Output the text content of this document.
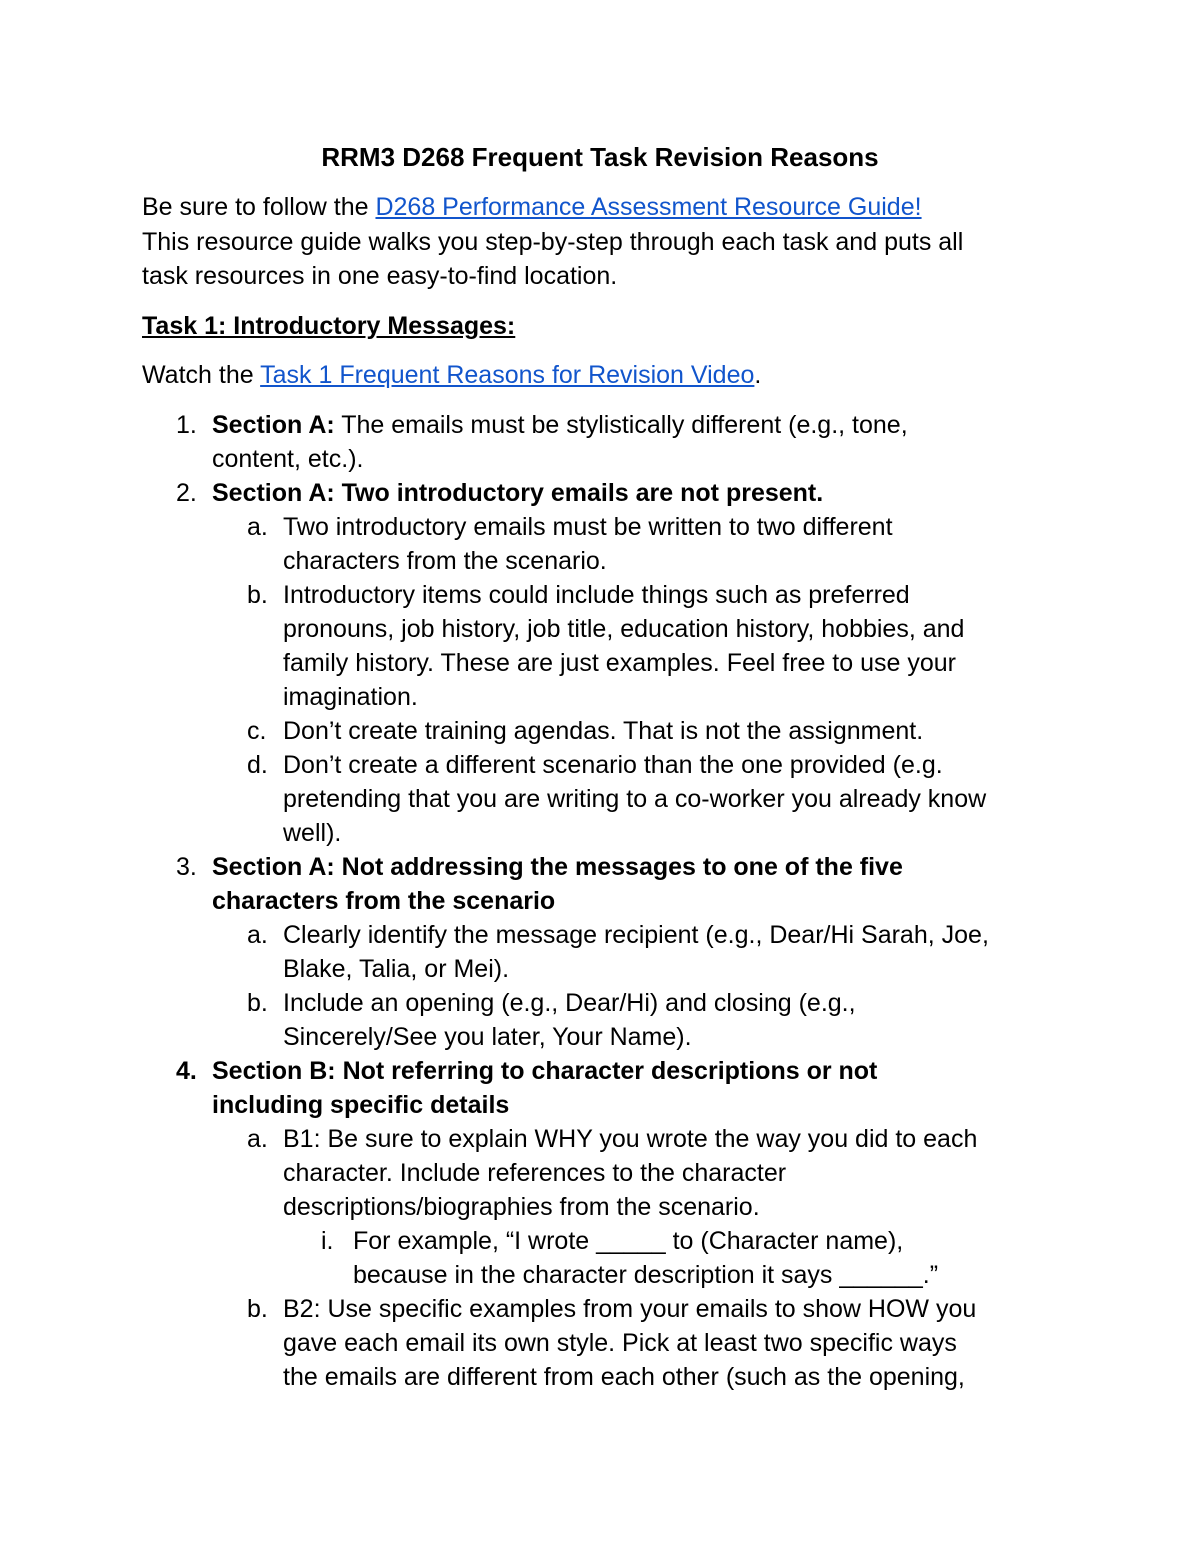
RRM3 D268 Frequent Task Revision Reasons
Be sure to follow the D268 Performance Assessment Resource Guide!
This resource guide walks you step-by-step through each task and puts all
task resources in one easy-to-find location.
Task 1: Introductory Messages:
Watch the Task 1 Frequent Reasons for Revision Video.
1. Section A: The emails must be stylistically different (e.g., tone,
content, etc.).
2. Section A: Two introductory emails are not present.
a. Two introductory emails must be written to two different
characters from the scenario.
b. Introductory items could include things such as preferred
pronouns, job history, job title, education history, hobbies, and
family history. These are just examples. Feel free to use your
imagination.
c. Don’t create training agendas. That is not the assignment.
d. Don’t create a different scenario than the one provided (e.g.
pretending that you are writing to a co-worker you already know
well).
3. Section A: Not addressing the messages to one of the five
characters from the scenario
a. Clearly identify the message recipient (e.g., Dear/Hi Sarah, Joe,
Blake, Talia, or Mei).
b. Include an opening (e.g., Dear/Hi) and closing (e.g.,
Sincerely/See you later, Your Name).
4. Section B: Not referring to character descriptions or not
including specific details
a. B1: Be sure to explain WHY you wrote the way you did to each
character. Include references to the character
descriptions/biographies from the scenario.
i. For example, “I wrote _____ to (Character name),
because in the character description it says ______.”
b. B2: Use specific examples from your emails to show HOW you
gave each email its own style. Pick at least two specific ways
the emails are different from each other (such as the opening,
